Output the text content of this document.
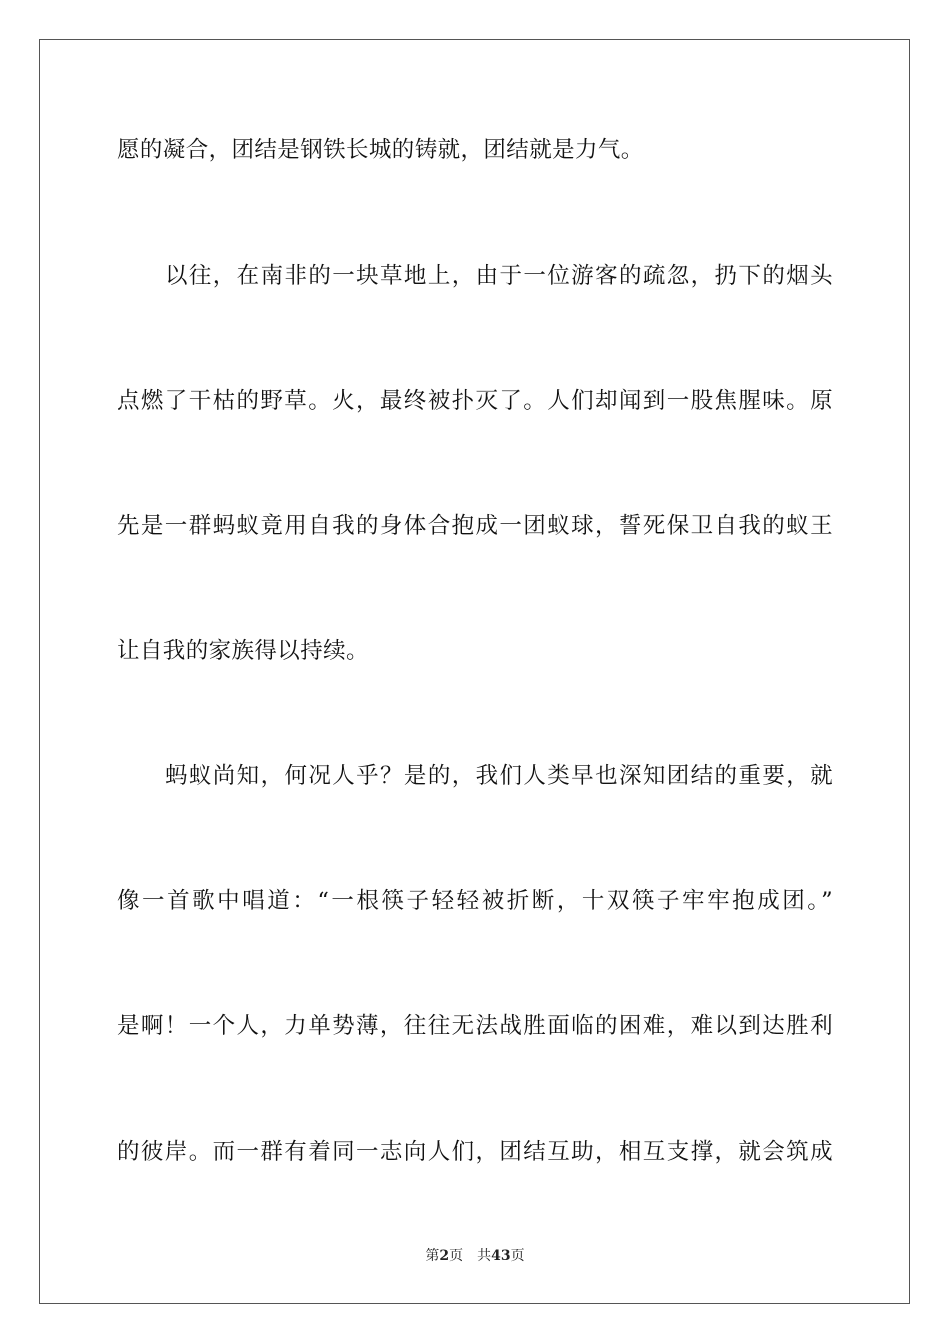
愿的凝合，团结是钢铁长城的铸就，团结就是力气。
以往，在南非的一块草地上，由于一位游客的疏忽，扔下的烟头
点燃了干枯的野草。火，最终被扑灭了。人们却闻到一股焦腥味。原
先是一群蚂蚁竟用自我的身体合抱成一团蚁球，誓死保卫自我的蚁王
让自我的家族得以持续。
蚂蚁尚知，何况人乎？是的，我们人类早也深知团结的重要，就
像一首歌中唱道：“一根筷子轻轻被折断，十双筷子牢牢抱成团。”
是啊！一个人，力单势薄，往往无法战胜面临的困难，难以到达胜利
的彼岸。而一群有着同一志向人们，团结互助，相互支撑，就会筑成
第2页 共43页
